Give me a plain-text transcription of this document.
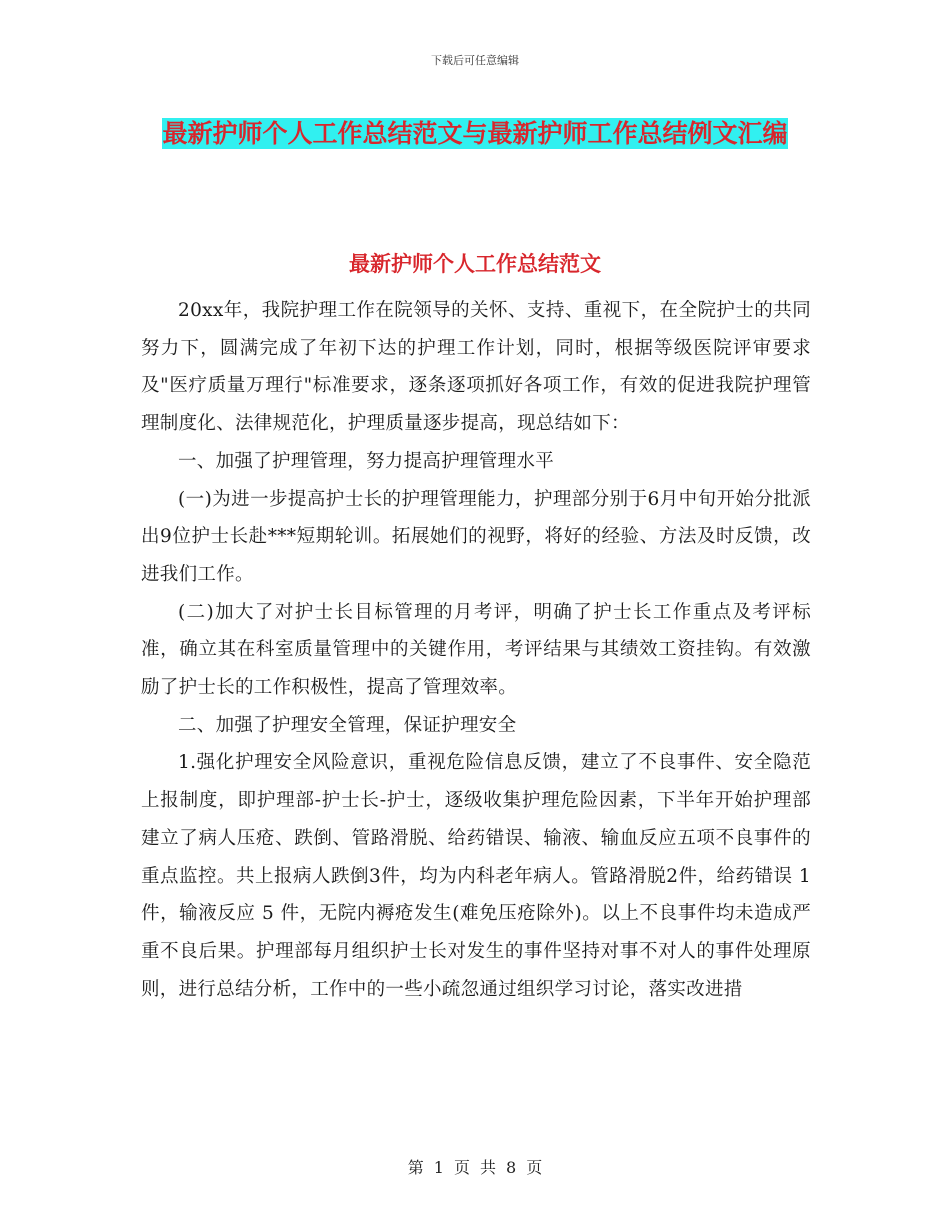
下载后可任意编辑
最新护师个人工作总结范文与最新护师工作总结例文汇编
最新护师个人工作总结范文

20xx年，我院护理工作在院领导的关怀、支持、重视下，在全院护士的共同努力下，圆满完成了年初下达的护理工作计划，同时，根据等级医院评审要求及"医疗质量万理行"标准要求，逐条逐项抓好各项工作，有效的促进我院护理管理制度化、法律规范化，护理质量逐步提高，现总结如下：

一、加强了护理管理，努力提高护理管理水平

(一)为进一步提高护士长的护理管理能力，护理部分别于6月中旬开始分批派出9位护士长赴***短期轮训。拓展她们的视野，将好的经验、方法及时反馈，改进我们工作。

(二)加大了对护士长目标管理的月考评，明确了护士长工作重点及考评标准，确立其在科室质量管理中的关键作用，考评结果与其绩效工资挂钩。有效激励了护士长的工作积极性，提高了管理效率。

二、加强了护理安全管理，保证护理安全

1.强化护理安全风险意识，重视危险信息反馈，建立了不良事件、安全隐范上报制度，即护理部-护士长-护士，逐级收集护理危险因素，下半年开始护理部建立了病人压疮、跌倒、管路滑脱、给药错误、输液、输血反应五项不良事件的重点监控。共上报病人跌倒3件，均为内科老年病人。管路滑脱2件，给药错误 1 件，输液反应 5 件，无院内褥疮发生(难免压疮除外)。以上不良事件均未造成严重不良后果。护理部每月组织护士长对发生的事件坚持对事不对人的事件处理原则，进行总结分析，工作中的一些小疏忽通过组织学习讨论，落实改进措

第 1 页 共 8 页
